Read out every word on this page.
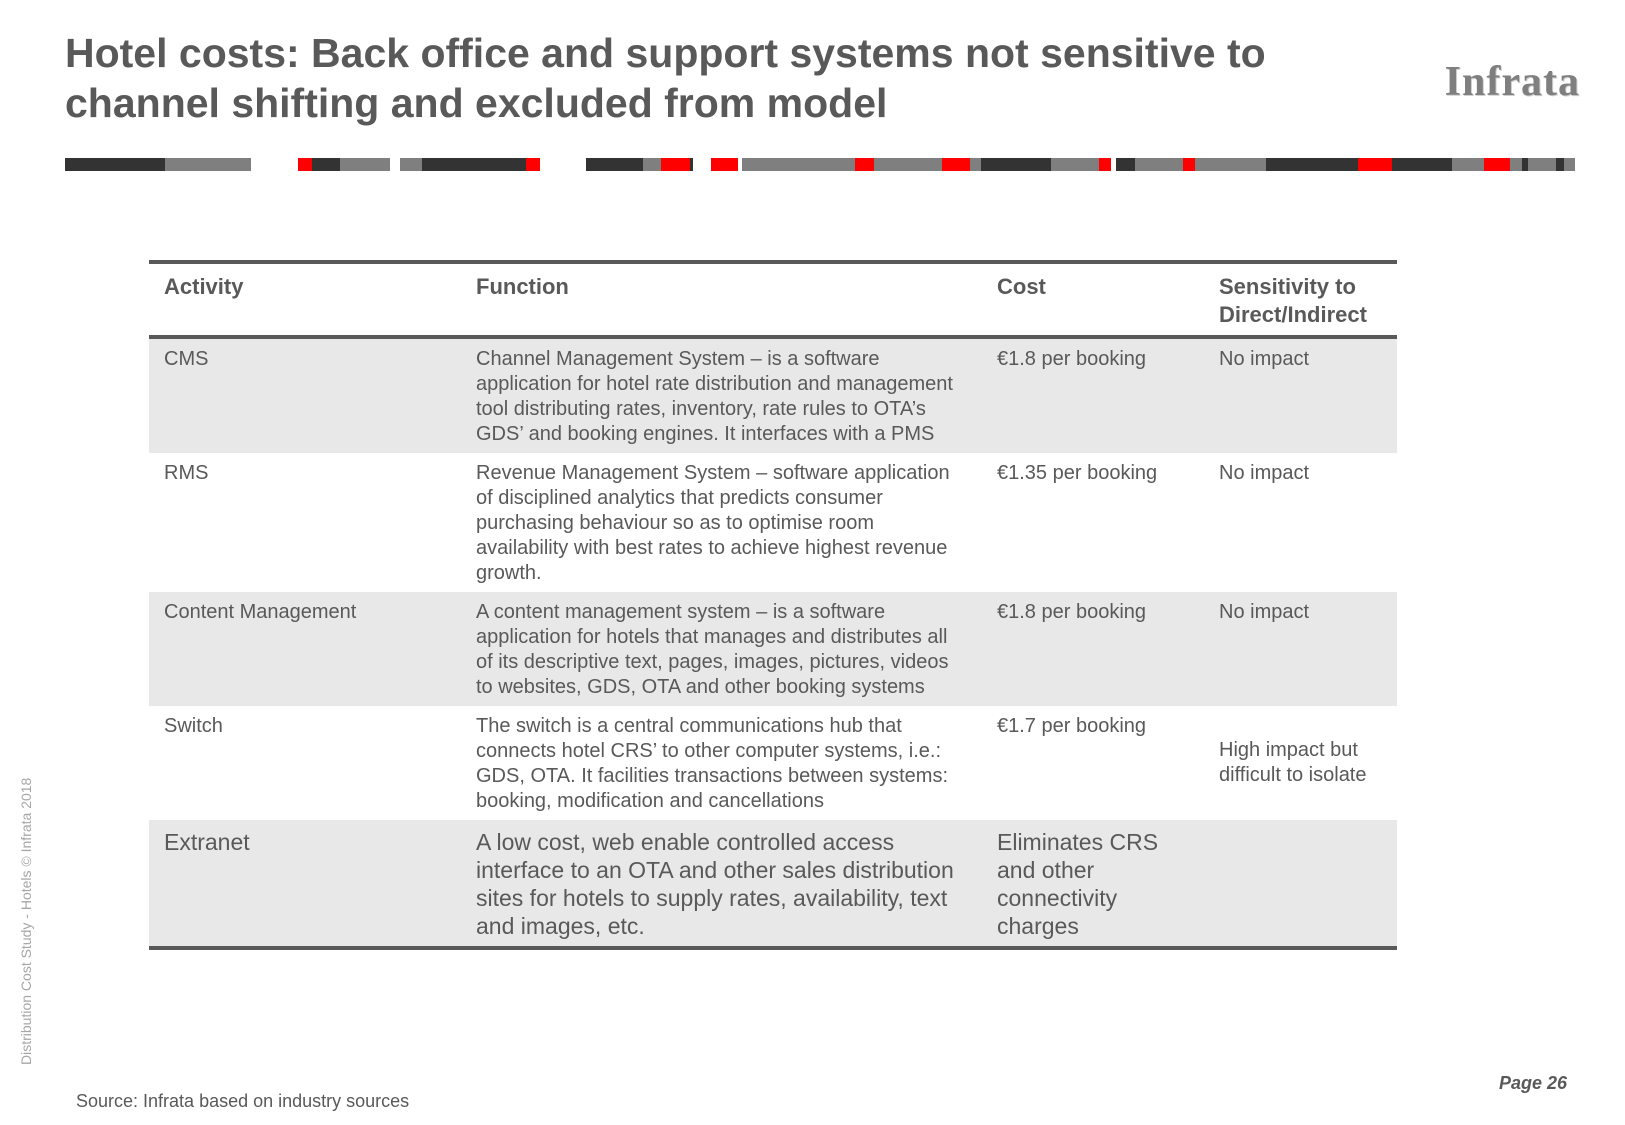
Hotel costs: Back office and support systems not sensitive to
channel shifting and excluded from model	Infrata
Activity	Function	Cost	Sensitivity to Direct/Indirect
CMS	Channel Management System – is a software application for hotel rate distribution and management tool distributing rates, inventory, rate rules to OTA’s GDS’ and booking engines. It interfaces with a PMS	€1.8 per booking	No impact
RMS	Revenue Management System – software application of disciplined analytics that predicts consumer purchasing behaviour so as to optimise room availability with best rates to achieve highest revenue growth.	€1.35 per booking	No impact
Content Management	A content management system – is a software application for hotels that manages and distributes all of its descriptive text, pages, images, pictures, videos to websites, GDS, OTA and other booking systems	€1.8 per booking	No impact
Switch	The switch is a central communications hub that connects hotel CRS’ to other computer systems, i.e.: GDS, OTA. It facilities transactions between systems: booking, modification and cancellations	€1.7 per booking	High impact but difficult to isolate
Extranet	A low cost, web enable controlled access interface to an OTA and other sales distribution sites for hotels to supply rates, availability, text and images, etc.	Eliminates CRS and other connectivity charges	
Source: Infrata based on industry sources
Page 26
Distribution Cost Study - Hotels © Infrata 2018
